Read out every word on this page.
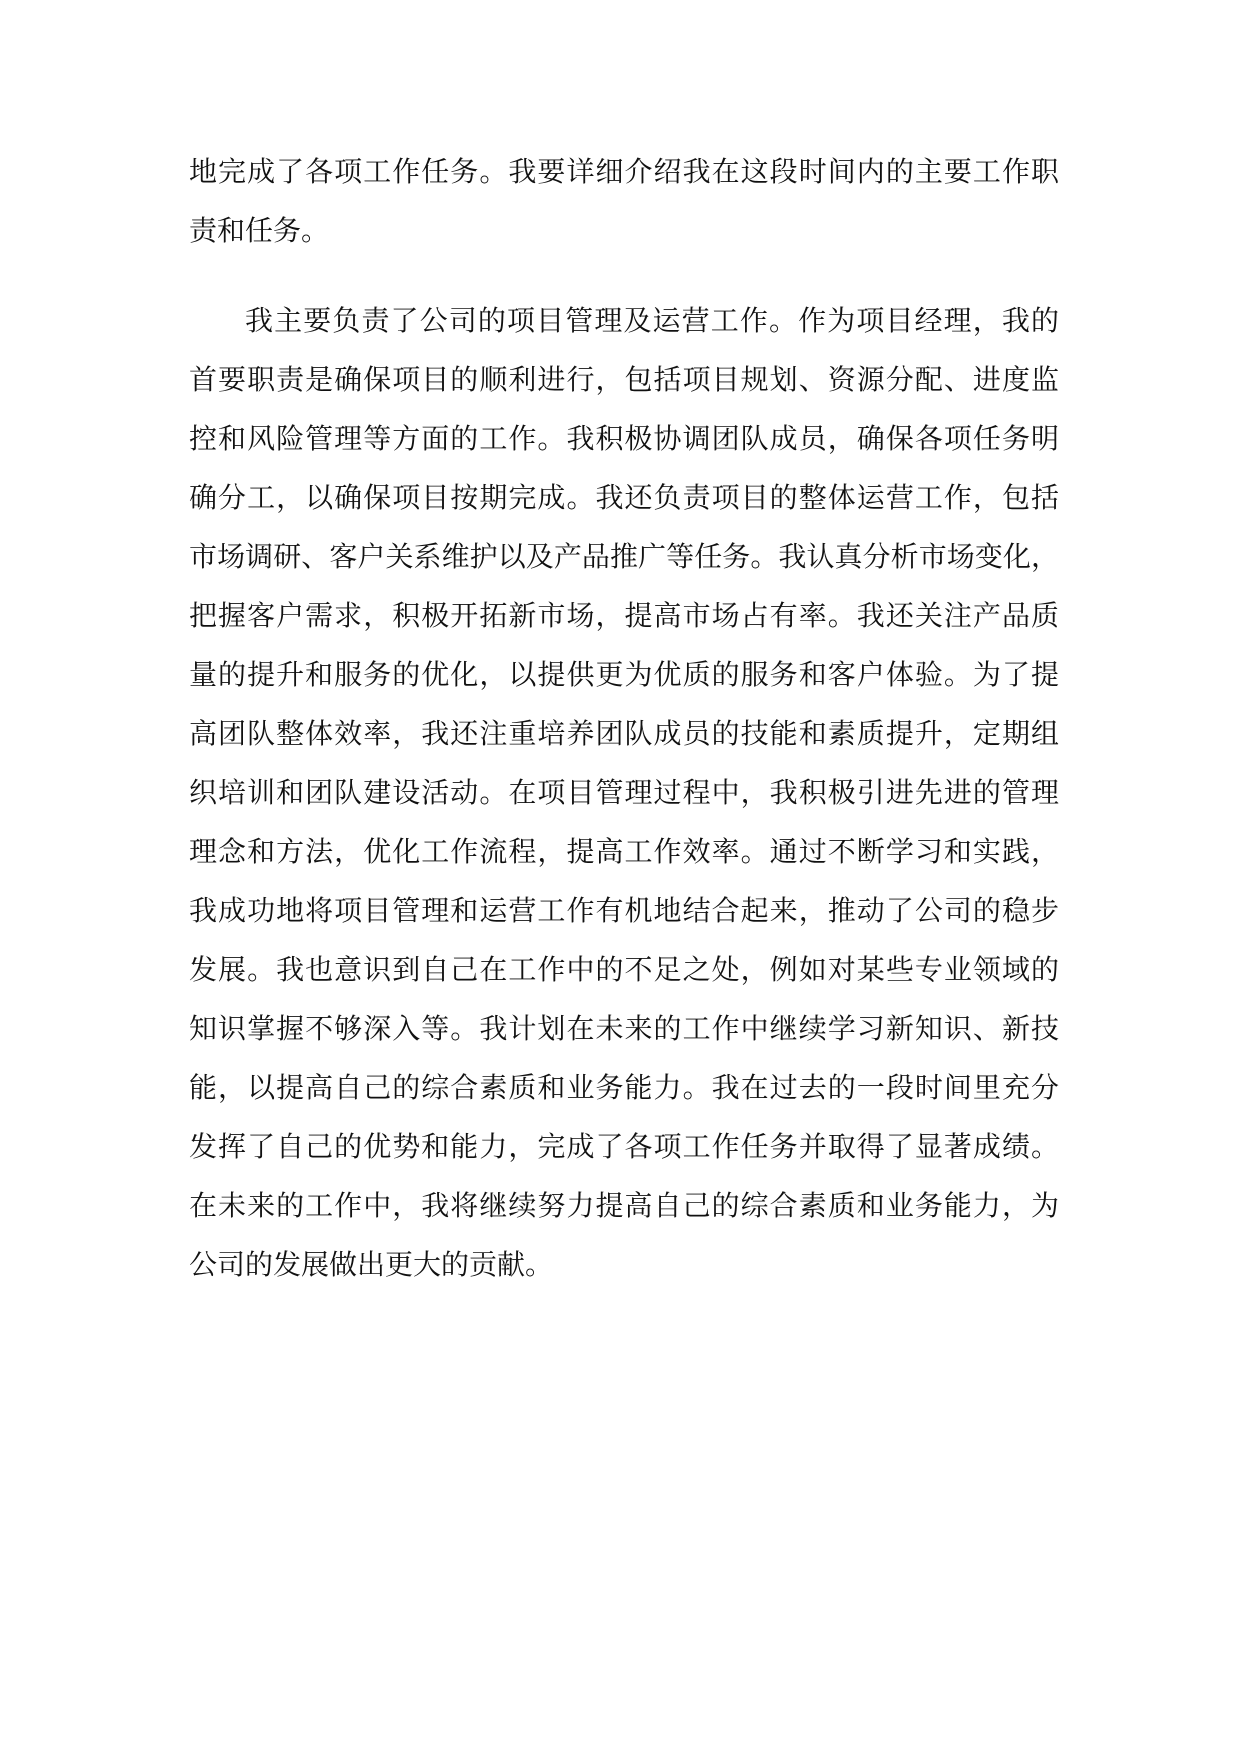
地完成了各项工作任务。我要详细介绍我在这段时间内的主要工作职
责和任务。
我主要负责了公司的项目管理及运营工作。作为项目经理，我的
首要职责是确保项目的顺利进行，包括项目规划、资源分配、进度监
控和风险管理等方面的工作。我积极协调团队成员，确保各项任务明
确分工，以确保项目按期完成。我还负责项目的整体运营工作，包括
市场调研、客户关系维护以及产品推广等任务。我认真分析市场变化，
把握客户需求，积极开拓新市场，提高市场占有率。我还关注产品质
量的提升和服务的优化，以提供更为优质的服务和客户体验。为了提
高团队整体效率，我还注重培养团队成员的技能和素质提升，定期组
织培训和团队建设活动。在项目管理过程中，我积极引进先进的管理
理念和方法，优化工作流程，提高工作效率。通过不断学习和实践，
我成功地将项目管理和运营工作有机地结合起来，推动了公司的稳步
发展。我也意识到自己在工作中的不足之处，例如对某些专业领域的
知识掌握不够深入等。我计划在未来的工作中继续学习新知识、新技
能，以提高自己的综合素质和业务能力。我在过去的一段时间里充分
发挥了自己的优势和能力，完成了各项工作任务并取得了显著成绩。
在未来的工作中，我将继续努力提高自己的综合素质和业务能力，为
公司的发展做出更大的贡献。
